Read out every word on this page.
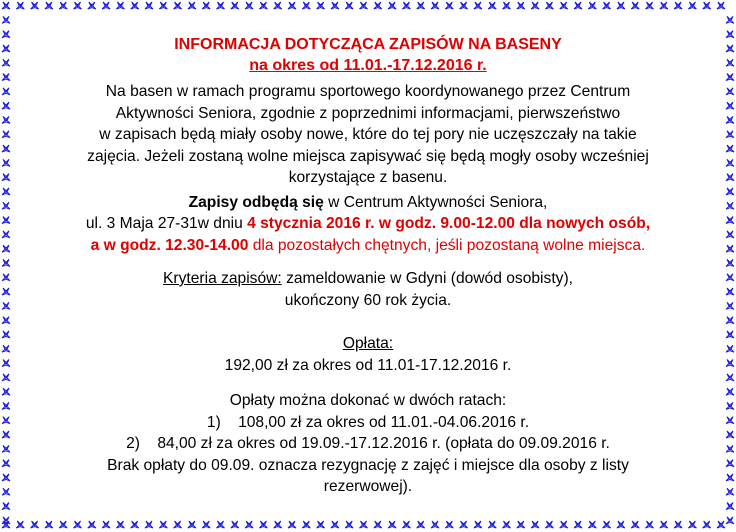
INFORMACJA DOTYCZĄCA ZAPISÓW NA BASENY
na okres od 11.01.-17.12.2016 r.

Na basen w ramach programu sportowego koordynowanego przez Centrum

Aktywności Seniora, zgodnie z poprzednimi informacjami, pierwszeństwo

w zapisach będą miały osoby nowe, które do tej pory nie uczęszczały na takie

zajęcia. Jeżeli zostaną wolne miejsca zapisywać się będą mogły osoby wcześniej

korzystające z basenu.

Zapisy odbędą się w Centrum Aktywności Seniora,

ul. 3 Maja 27-31w dniu 4 stycznia 2016 r. w godz. 9.00-12.00 dla nowych osób,

a w godz. 12.30-14.00 dla pozostałych chętnych, jeśli pozostaną wolne miejsca.

Kryteria zapisów: zameldowanie w Gdyni (dowód osobisty),

ukończony 60 rok życia.

Opłata:

192,00 zł za okres od 11.01-17.12.2016 r.

Opłaty można dokonać w dwóch ratach:

1)    108,00 zł za okres od 11.01.-04.06.2016 r.

2)    84,00 zł za okres od 19.09.-17.12.2016 r. (opłata do 09.09.2016 r.

Brak opłaty do 09.09. oznacza rezygnację z zajęć i miejsce dla osoby z listy

rezerwowej).
